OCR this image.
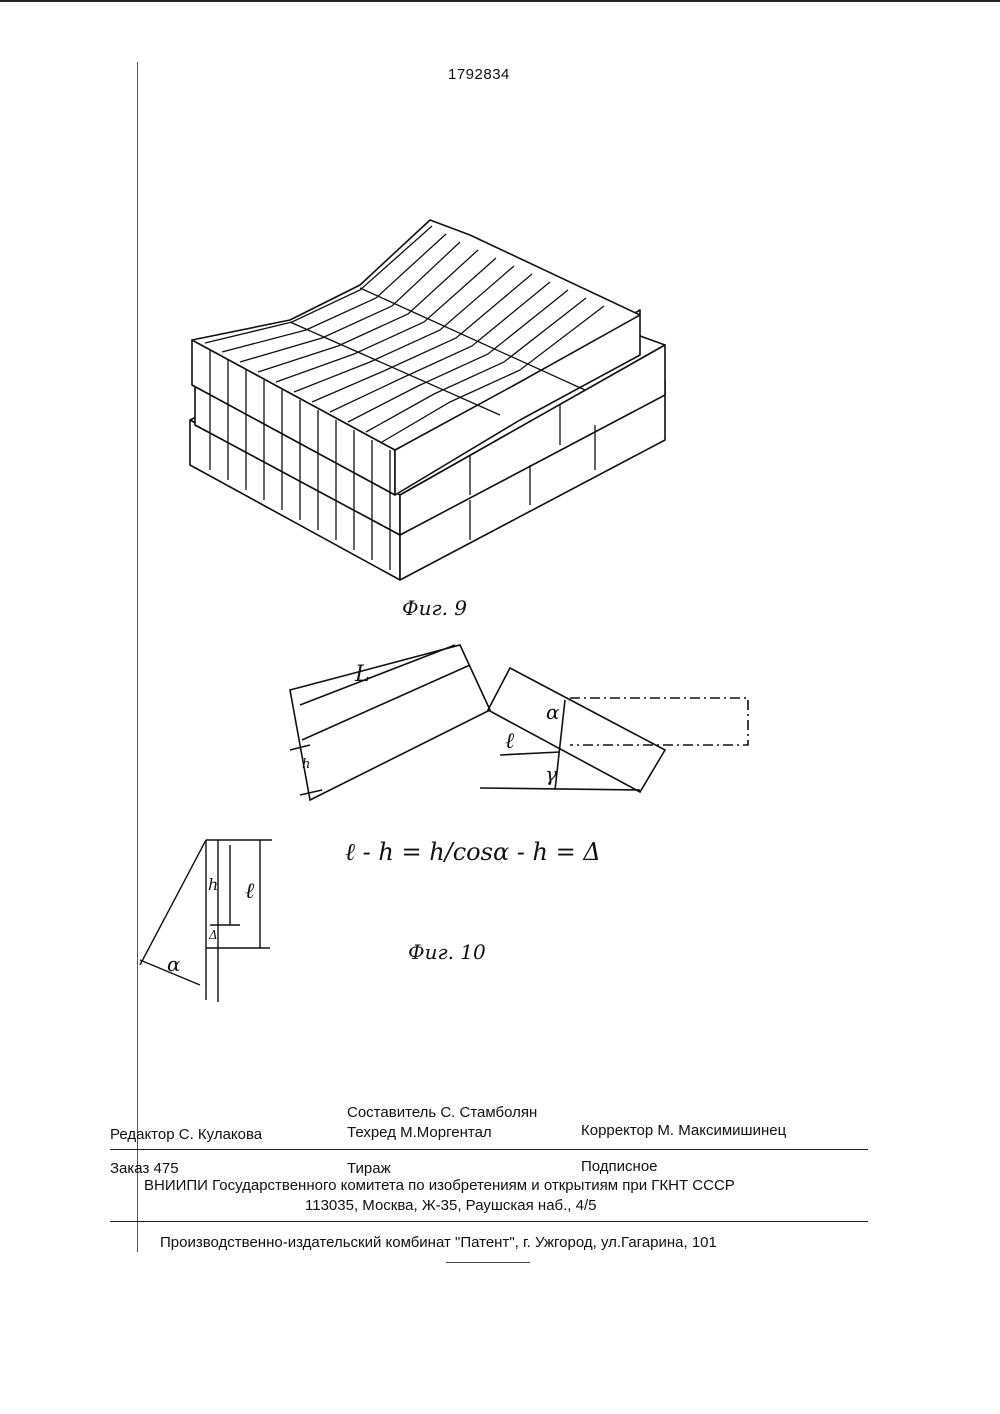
1792834
Фиг. 9
ℓ - h = h/cosα - h = Δ
Фиг. 10
L
h
ℓ
α
γ
h ℓ
Δ
α
Составитель С. Стамболян
Редактор С. Кулакова	Техред М.Моргентал	Корректор М. Максимишинец
Заказ 475	Тираж	Подписное
ВНИИПИ Государственного комитета по изобретениям и открытиям при ГКНТ СССР
113035, Москва, Ж-35, Раушская наб., 4/5
Производственно-издательский комбинат "Патент", г. Ужгород, ул.Гагарина, 101
